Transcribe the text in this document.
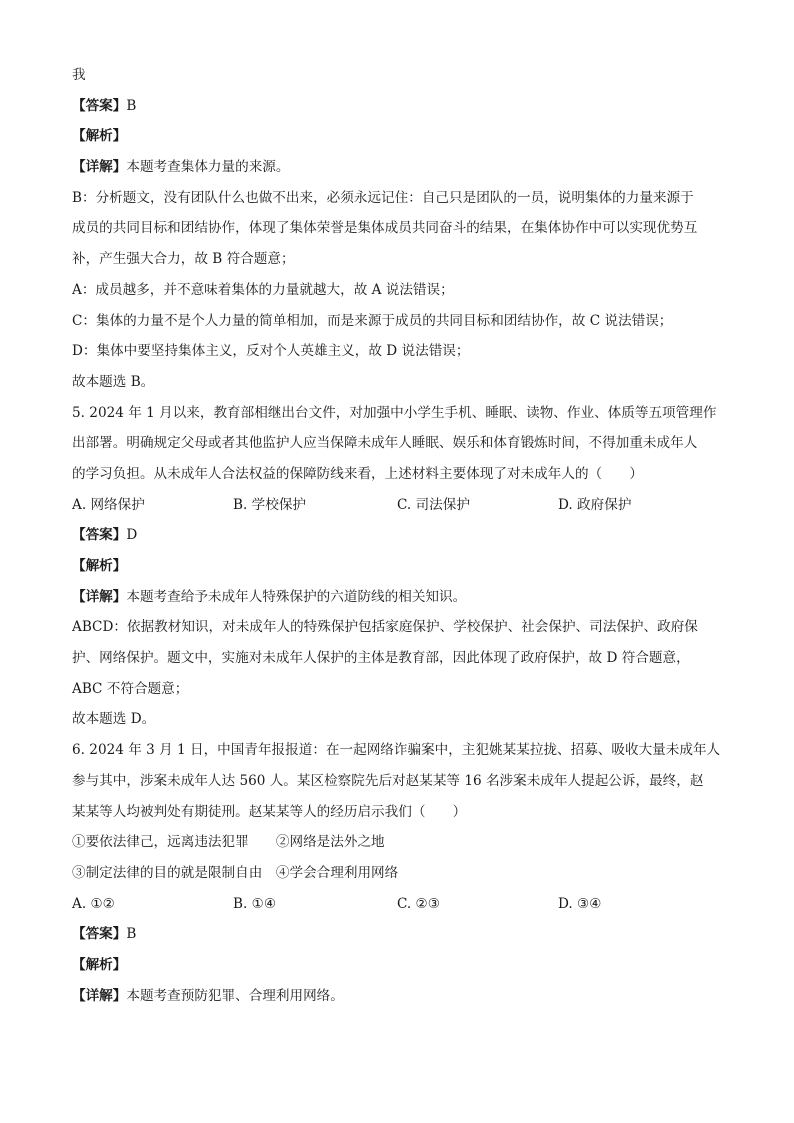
我
【答案】B
【解析】
【详解】本题考查集体力量的来源。
B：分析题文，没有团队什么也做不出来，必须永远记住：自己只是团队的一员，说明集体的力量来源于
成员的共同目标和团结协作，体现了集体荣誉是集体成员共同奋斗的结果，在集体协作中可以实现优势互
补，产生强大合力，故 B 符合题意；
A：成员越多，并不意味着集体的力量就越大，故 A 说法错误；
C：集体的力量不是个人力量的简单相加，而是来源于成员的共同目标和团结协作，故 C 说法错误；
D：集体中要坚持集体主义，反对个人英雄主义，故 D 说法错误；
故本题选 B。
5. 2024 年 1 月以来，教育部相继出台文件，对加强中小学生手机、睡眠、读物、作业、体质等五项管理作
出部署。明确规定父母或者其他监护人应当保障未成年人睡眠、娱乐和体育锻炼时间，不得加重未成年人
的学习负担。从未成年人合法权益的保障防线来看，上述材料主要体现了对未成年人的（　　）
A. 网络保护	B. 学校保护	C. 司法保护	D. 政府保护
【答案】D
【解析】
【详解】本题考查给予未成年人特殊保护的六道防线的相关知识。
ABCD：依据教材知识，对未成年人的特殊保护包括家庭保护、学校保护、社会保护、司法保护、政府保
护、网络保护。题文中，实施对未成年人保护的主体是教育部，因此体现了政府保护，故 D 符合题意，
ABC 不符合题意；
故本题选 D。
6. 2024 年 3 月 1 日，中国青年报报道：在一起网络诈骗案中，主犯姚某某拉拢、招募、吸收大量未成年人
参与其中，涉案未成年人达 560 人。某区检察院先后对赵某某等 16 名涉案未成年人提起公诉，最终，赵
某某等人均被判处有期徒刑。赵某某等人的经历启示我们（　　）
①要依法律己，远离违法犯罪　　②网络是法外之地
③制定法律的目的就是限制自由　④学会合理利用网络
A. ①②	B. ①④	C. ②③	D. ③④
【答案】B
【解析】
【详解】本题考查预防犯罪、合理利用网络。
